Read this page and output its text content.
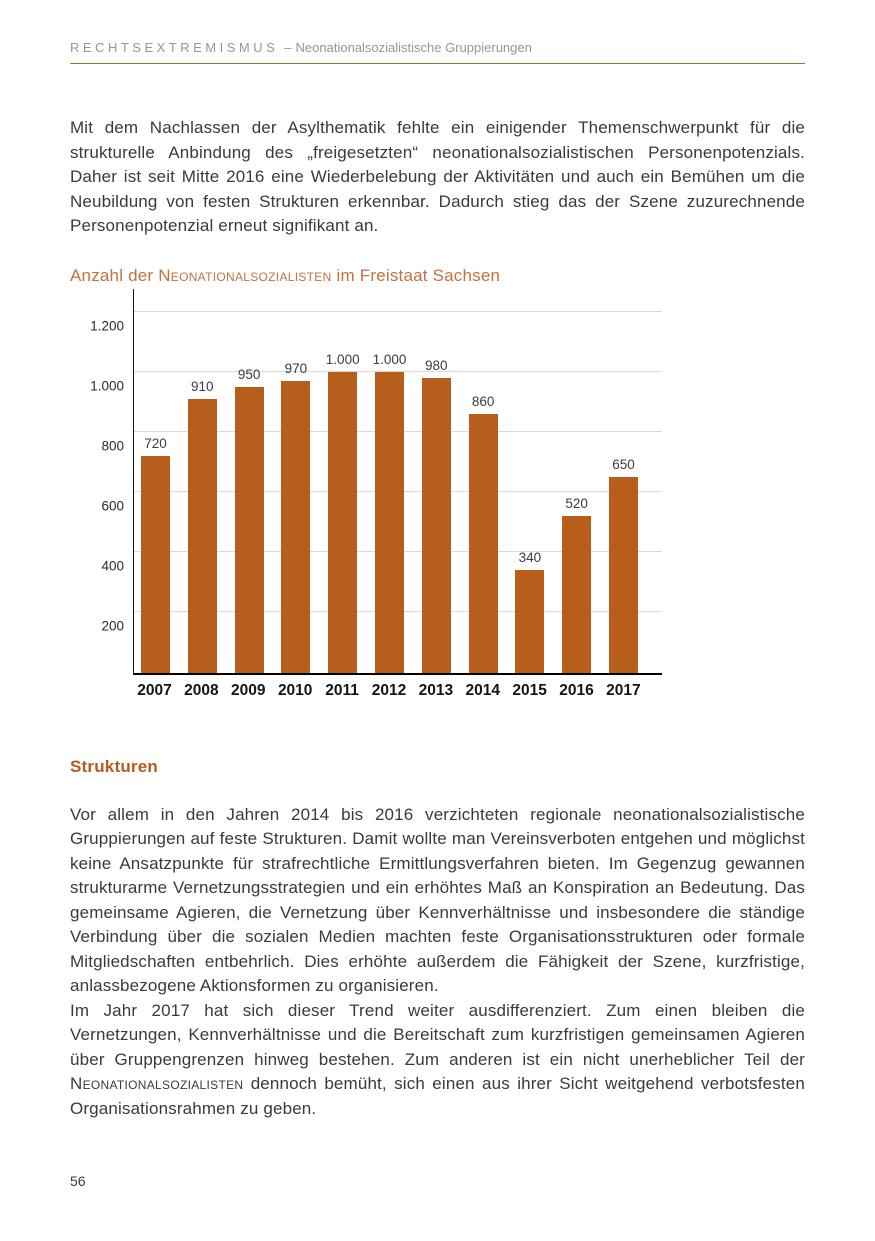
RECHTSEXTREMISMUS – Neonationalsozialistische Gruppierungen

Mit dem Nachlassen der Asylthematik fehlte ein einigender Themenschwerpunkt für die strukturelle Anbindung des „freigesetzten“ neonationalsozialistischen Personenpotenzials. Daher ist seit Mitte 2016 eine Wiederbelebung der Aktivitäten und auch ein Bemühen um die Neubildung von festen Strukturen erkennbar. Dadurch stieg das der Szene zuzurechnende Personenpotenzial erneut signifikant an.

Anzahl der Neonationalsozialisten im Freistaat Sachsen
1.200
1.000
800
600
400
200
720
910
950 970
1.000 1.000 980
860
340
520
650
2007 2008 2009 2010 2011 2012 2013 2014 2015 2016 2017
Strukturen

Vor allem in den Jahren 2014 bis 2016 verzichteten regionale neonationalsozialistische Gruppierungen auf feste Strukturen. Damit wollte man Vereinsverboten entgehen und möglichst keine Ansatzpunkte für strafrechtliche Ermittlungsverfahren bieten. Im Gegenzug gewannen strukturarme Vernetzungsstrategien und ein erhöhtes Maß an Konspiration an Bedeutung. Das gemeinsame Agieren, die Vernetzung über Kennverhältnisse und insbesondere die ständige Verbindung über die sozialen Medien machten feste Organisationsstrukturen oder formale Mitgliedschaften entbehrlich. Dies erhöhte außerdem die Fähigkeit der Szene, kurzfristige, anlassbezogene Aktionsformen zu organisieren.

Im Jahr 2017 hat sich dieser Trend weiter ausdifferenziert. Zum einen bleiben die Vernetzungen, Kennverhältnisse und die Bereitschaft zum kurzfristigen gemeinsamen Agieren über Gruppengrenzen hinweg bestehen. Zum anderen ist ein nicht unerheblicher Teil der Neonationalsozialisten dennoch bemüht, sich einen aus ihrer Sicht weitgehend verbotsfesten Organisationsrahmen zu geben.

56
